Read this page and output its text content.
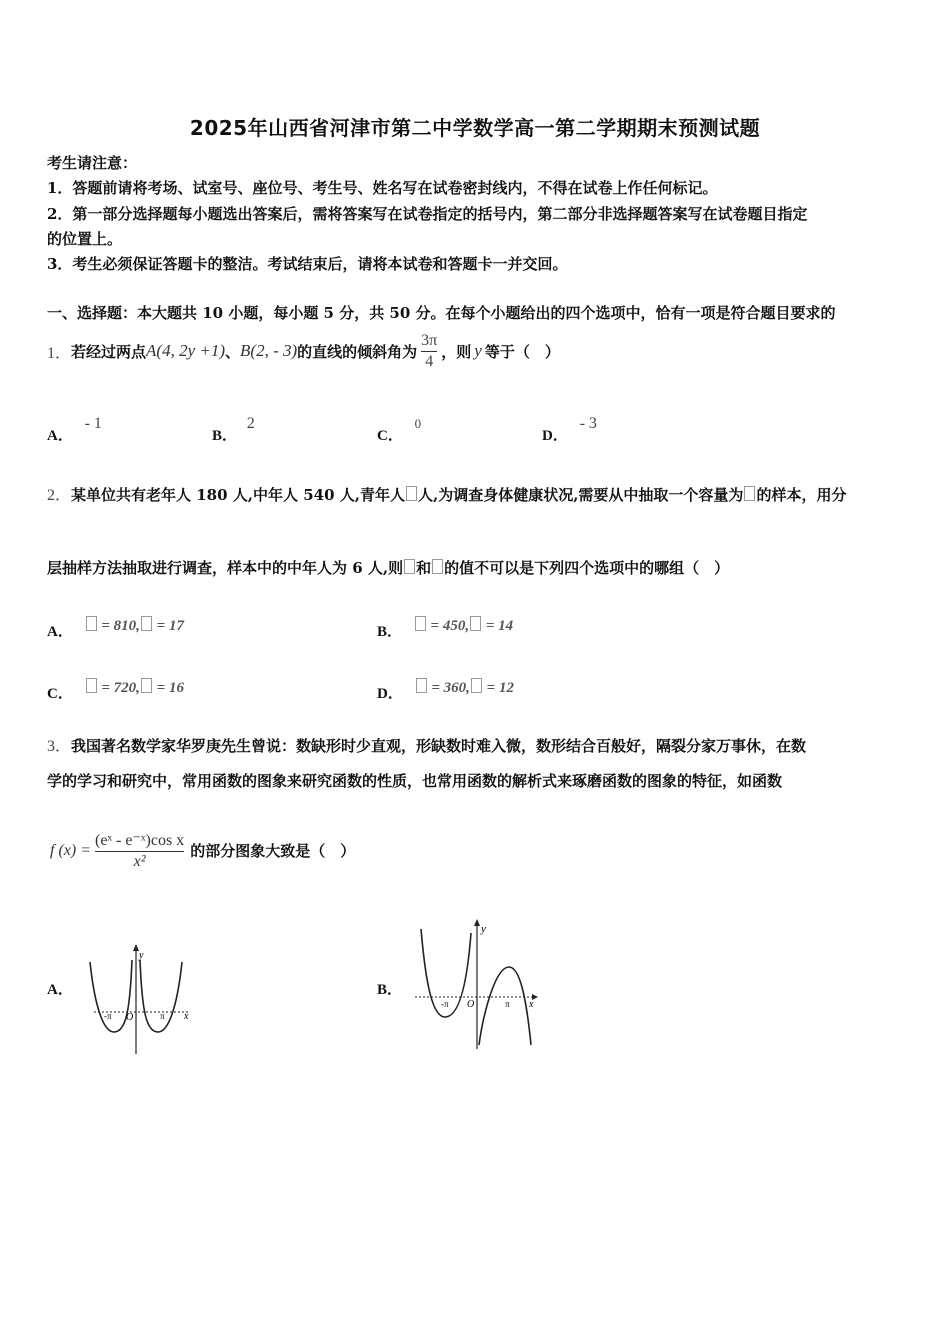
2025年山西省河津市第二中学数学高一第二学期期末预测试题
考生请注意：
1．答题前请将考场、试室号、座位号、考生号、姓名写在试卷密封线内，不得在试卷上作任何标记。
2．第一部分选择题每小题选出答案后，需将答案写在试卷指定的括号内，第二部分非选择题答案写在试卷题目指定
的位置上。
3．考生必须保证答题卡的整洁。考试结束后，请将本试卷和答题卡一并交回。
一、选择题：本大题共 10 小题，每小题 5 分，共 50 分。在每个小题给出的四个选项中，恰有一项是符合题目要求的
1． 若经过两点 A(4, 2y +1) 、 B(2, - 3) 的直线的倾斜角为 $\frac{3\pi}{4}$ ，则 y 等于（　）
A． - 1
B． 2
C． 0
D． - 3
2．某单位共有老年人 180 人,中年人 540 人,青年人 人,为调查身体健康状况,需要从中抽取一个容量为 的样本，用分
层抽样方法抽取进行调查，样本中的中年人为 6 人,则 和 的值不可以是下列四个选项中的哪组（　）
A． = 810, = 17	B． = 450, = 14
C． = 720, = 16	D． = 360, = 12
3．我国著名数学家华罗庚先生曾说：数缺形时少直观，形缺数时难入微，数形结合百般好，隔裂分家万事休，在数
学的学习和研究中，常用函数的图象来研究函数的性质，也常用函数的解析式来琢磨函数的图象的特征，如函数
f $(x) = \frac{\text{(eˣ - e⁻ˣ)cos x}}{\text{x²}}$ 的部分图象大致是（　）
A．
y
x
O
-π	π
B．
y
x
O
-π	π
